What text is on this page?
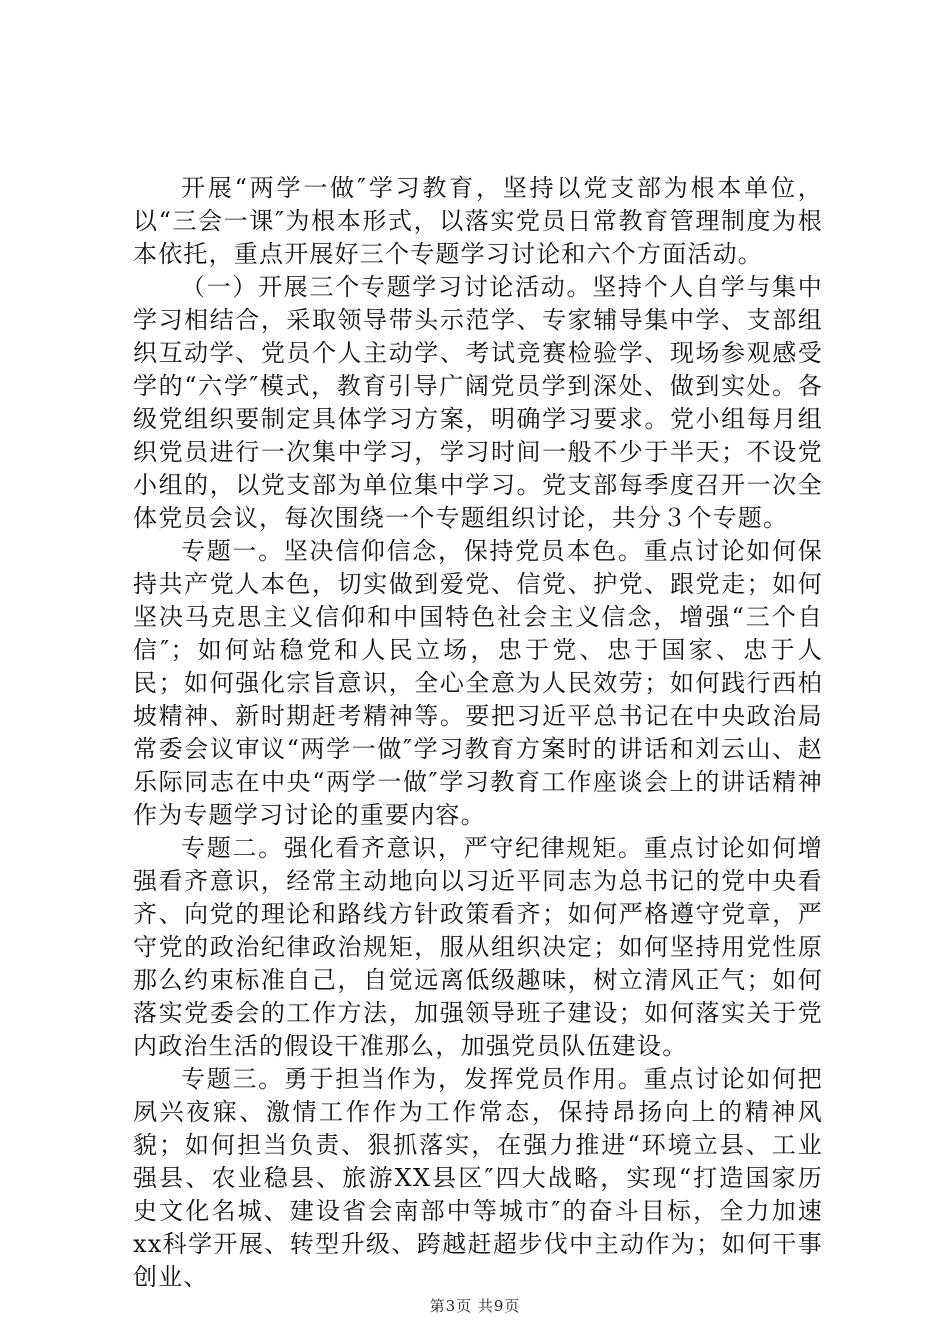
开展“两学一做″学习教育，坚持以党支部为根本单位，以“三会一课″为根本形式，以落实党员日常教育管理制度为根本依托，重点开展好三个专题学习讨论和六个方面活动。

（一）开展三个专题学习讨论活动。坚持个人自学与集中学习相结合，采取领导带头示范学、专家辅导集中学、支部组织互动学、党员个人主动学、考试竞赛检验学、现场参观感受学的“六学″模式，教育引导广阔党员学到深处、做到实处。各级党组织要制定具体学习方案，明确学习要求。党小组每月组织党员进行一次集中学习，学习时间一般不少于半天；不设党小组的，以党支部为单位集中学习。党支部每季度召开一次全体党员会议，每次围绕一个专题组织讨论，共分３个专题。

专题一。坚决信仰信念，保持党员本色。重点讨论如何保持共产党人本色，切实做到爱党、信党、护党、跟党走；如何坚决马克思主义信仰和中国特色社会主义信念，增强“三个自信″；如何站稳党和人民立场，忠于党、忠于国家、忠于人民；如何强化宗旨意识，全心全意为人民效劳；如何践行西柏坡精神、新时期赶考精神等。要把习近平总书记在中央政治局常委会议审议“两学一做″学习教育方案时的讲话和刘云山、赵乐际同志在中央“两学一做″学习教育工作座谈会上的讲话精神作为专题学习讨论的重要内容。

专题二。强化看齐意识，严守纪律规矩。重点讨论如何增强看齐意识，经常主动地向以习近平同志为总书记的党中央看齐、向党的理论和路线方针政策看齐；如何严格遵守党章，严守党的政治纪律政治规矩，服从组织决定；如何坚持用党性原那么约束标准自己，自觉远离低级趣味，树立清风正气；如何落实党委会的工作方法，加强领导班子建设；如何落实关于党内政治生活的假设干准那么，加强党员队伍建设。

专题三。勇于担当作为，发挥党员作用。重点讨论如何把夙兴夜寐、激情工作作为工作常态，保持昂扬向上的精神风貌；如何担当负责、狠抓落实，在强力推进“环境立县、工业强县、农业稳县、旅游XX县区″四大战略，实现“打造国家历史文化名城、建设省会南部中等城市″的奋斗目标，全力加速xx科学开展、转型升级、跨越赶超步伐中主动作为；如何干事创业、

第3页 共9页
